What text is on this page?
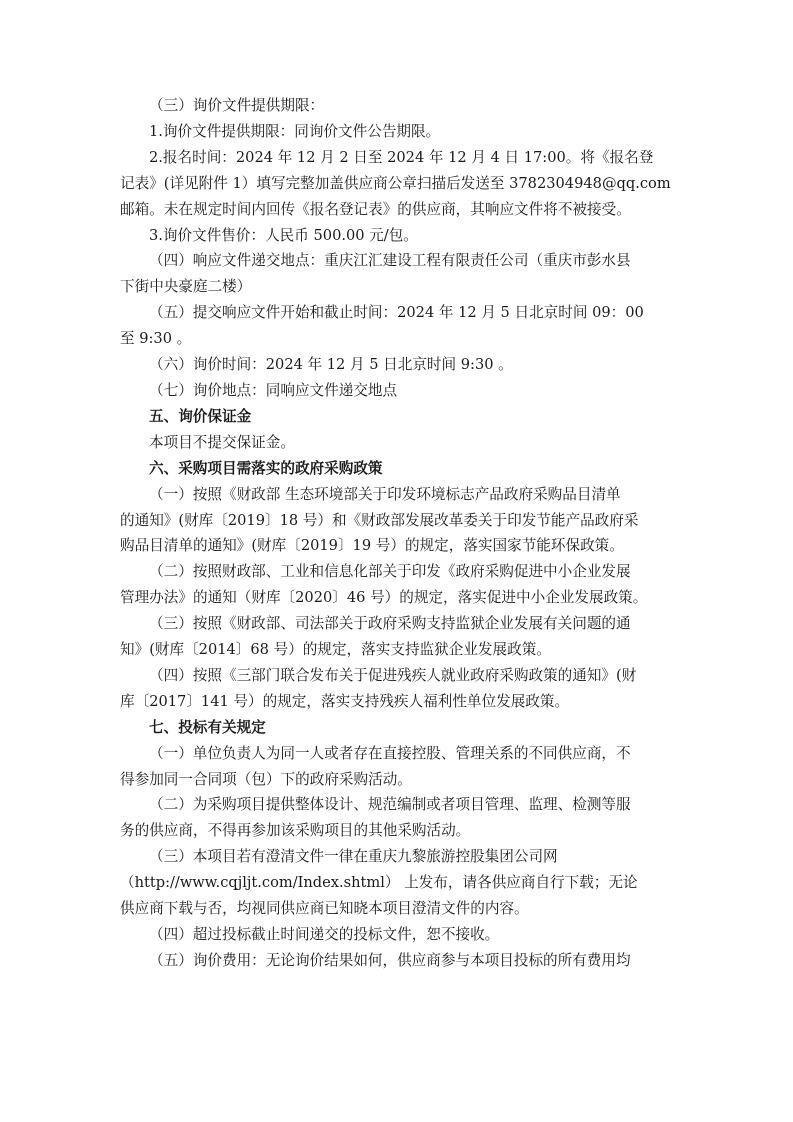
（三）询价文件提供期限：

1.询价文件提供期限：同询价文件公告期限。

2.报名时间：2024 年 12 月 2 日至 2024 年 12 月 4 日 17:00。将《报名登

记表》(详见附件 1）填写完整加盖供应商公章扫描后发送至 3782304948@qq.com

邮箱。未在规定时间内回传《报名登记表》的供应商，其响应文件将不被接受。

3.询价文件售价：人民币 500.00 元/包。

（四）响应文件递交地点：重庆江汇建设工程有限责任公司（重庆市彭水县

下街中央豪庭二楼）

（五）提交响应文件开始和截止时间：2024 年 12 月 5 日北京时间 09：00

至 9:30 。

（六）询价时间：2024 年 12 月 5 日北京时间 9:30 。

（七）询价地点：同响应文件递交地点

五、询价保证金

本项目不提交保证金。

六、采购项目需落实的政府采购政策

（一）按照《财政部 生态环境部关于印发环境标志产品政府采购品目清单

的通知》(财库〔2019〕18 号）和《财政部发展改革委关于印发节能产品政府采

购品目清单的通知》(财库〔2019〕19 号）的规定，落实国家节能环保政策。

（二）按照财政部、工业和信息化部关于印发《政府采购促进中小企业发展

管理办法》的通知（财库〔2020〕46 号）的规定，落实促进中小企业发展政策。

（三）按照《财政部、司法部关于政府采购支持监狱企业发展有关问题的通

知》(财库〔2014〕68 号）的规定，落实支持监狱企业发展政策。

（四）按照《三部门联合发布关于促进残疾人就业政府采购政策的通知》(财

库〔2017〕141 号）的规定，落实支持残疾人福利性单位发展政策。

七、投标有关规定

（一）单位负责人为同一人或者存在直接控股、管理关系的不同供应商，不

得参加同一合同项（包）下的政府采购活动。

（二）为采购项目提供整体设计、规范编制或者项目管理、监理、检测等服

务的供应商，不得再参加该采购项目的其他采购活动。

（三）本项目若有澄清文件一律在重庆九黎旅游控股集团公司网

（http://www.cqjljt.com/Index.shtml） 上发布，请各供应商自行下载；无论

供应商下载与否，均视同供应商已知晓本项目澄清文件的内容。

（四）超过投标截止时间递交的投标文件，恕不接收。

（五）询价费用：无论询价结果如何，供应商参与本项目投标的所有费用均
